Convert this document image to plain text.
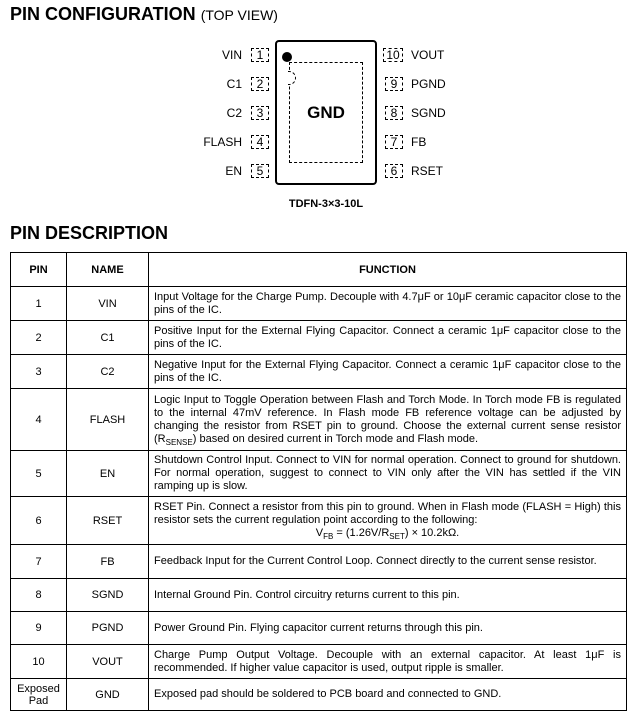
PIN CONFIGURATION (TOP VIEW)
GND
VIN	1
C1	2
C2	3
FLASH	4
EN	5
10 VOUT
9	PGND
8	SGND
7	FB
6	RSET
TDFN-3×3-10L
PIN DESCRIPTION
PIN	NAME	FUNCTION
1	VIN	Input Voltage for the Charge Pump. Decouple with 4.7μF or 10μF ceramic capacitor close to the pins of the IC.
2	C1	Positive Input for the External Flying Capacitor. Connect a ceramic 1μF capacitor close to the pins of the IC.
3	C2	Negative Input for the External Flying Capacitor. Connect a ceramic 1μF capacitor close to the pins of the IC.
4	FLASH	Logic Input to Toggle Operation between Flash and Torch Mode. In Torch mode FB is regulated to the internal 47mV reference. In Flash mode FB reference voltage can be adjusted by changing the resistor from RSET pin to ground. Choose the external current sense resistor $(R_{SENSE})$ based on desired current in Torch mode and Flash mode.
5	EN	Shutdown Control Input. Connect to VIN for normal operation. Connect to ground for shutdown. For normal operation, suggest to connect to VIN only after the VIN has settled if the VIN ramping up is slow.
6	RSET	RSET Pin. Connect a resistor from this pin to ground. When in Flash mode (FLASH = High) this resistor sets the current regulation point according to the following:
$V_{FB} = (1.26V/R_{SET}) \times 10.2k\Omega$.

7	FB	Feedback Input for the Current Control Loop. Connect directly to the current sense resistor.
8	SGND	Internal Ground Pin. Control circuitry returns current to this pin.
9	PGND	Power Ground Pin. Flying capacitor current returns through this pin.
10	VOUT	Charge Pump Output Voltage. Decouple with an external capacitor. At least 1μF is recommended. If higher value capacitor is used, output ripple is smaller.
Exposed Pad	GND	Exposed pad should be soldered to PCB board and connected to GND.
